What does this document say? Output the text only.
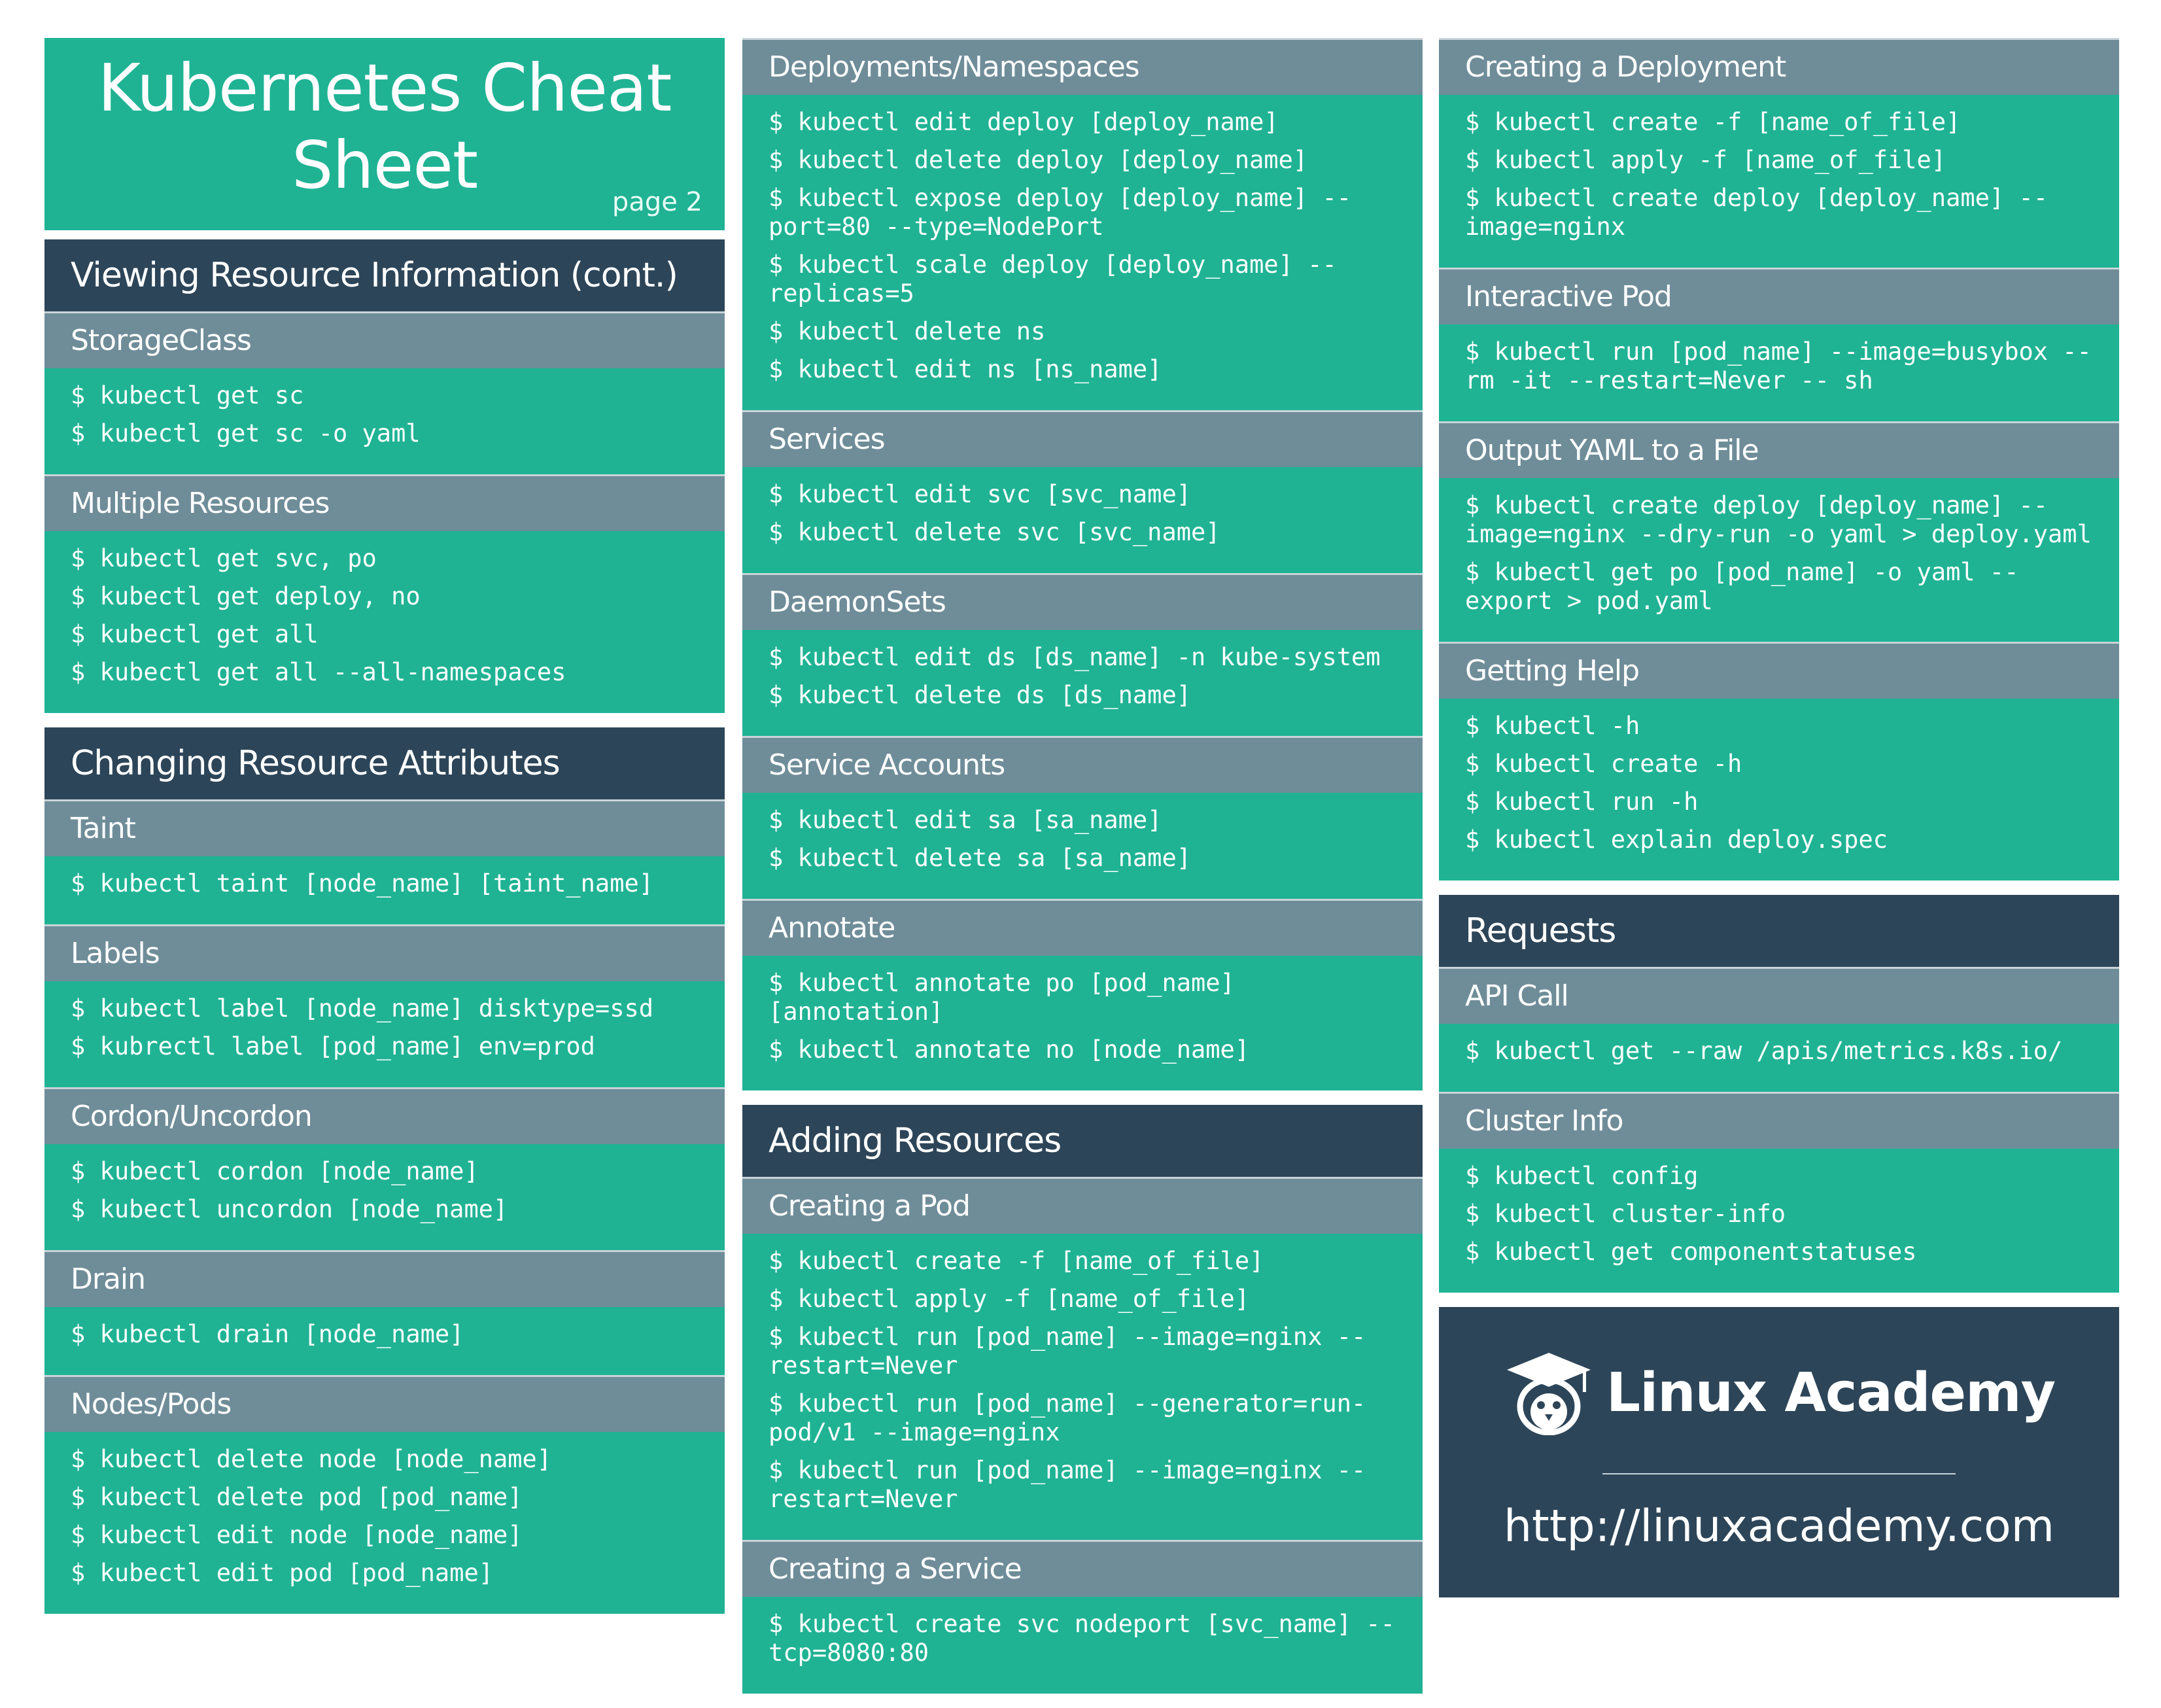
Kubernetes Cheat
Sheet	page 2
Viewing Resource Information (cont.)
StorageClass
$ kubectl get sc
$ kubectl get sc -o yaml
Multiple Resources
$ kubectl get svc, po
$ kubectl get deploy, no
$ kubectl get all
$ kubectl get all --all-namespaces
Changing Resource Attributes
Taint
$ kubectl taint [node_name] [taint_name]
Labels
$ kubectl label [node_name] disktype=ssd
$ kubrectl label [pod_name] env=prod
Cordon/Uncordon
$ kubectl cordon [node_name]
$ kubectl uncordon [node_name]
Drain
$ kubectl drain [node_name]
Nodes/Pods
$ kubectl delete node [node_name]
$ kubectl delete pod [pod_name]
$ kubectl edit node [node_name]
$ kubectl edit pod [pod_name]
Deployments/Namespaces
$ kubectl edit deploy [deploy_name]
$ kubectl delete deploy [deploy_name]
$ kubectl expose deploy [deploy_name] --port=80 --type=NodePort
$ kubectl scale deploy [deploy_name] --replicas=5
$ kubectl delete ns
$ kubectl edit ns [ns_name]
Services
$ kubectl edit svc [svc_name]
$ kubectl delete svc [svc_name]
DaemonSets
$ kubectl edit ds [ds_name] -n kube-system
$ kubectl delete ds [ds_name]
Service Accounts
$ kubectl edit sa [sa_name]
$ kubectl delete sa [sa_name]
Annotate
$ kubectl annotate po [pod_name] [annotation]
$ kubectl annotate no [node_name]
Adding Resources
Creating a Pod
$ kubectl create -f [name_of_file]
$ kubectl apply -f [name_of_file]
$ kubectl run [pod_name] --image=nginx --restart=Never
$ kubectl run [pod_name] --generator=run-pod/v1 --image=nginx
$ kubectl run [pod_name] --image=nginx --restart=Never
Creating a Service
$ kubectl create svc nodeport [svc_name] --tcp=8080:80
Creating a Deployment
$ kubectl create -f [name_of_file]
$ kubectl apply -f [name_of_file]
$ kubectl create deploy [deploy_name] --image=nginx
Interactive Pod
$ kubectl run [pod_name] --image=busybox --rm -it --restart=Never -- sh
Output YAML to a File
$ kubectl create deploy [deploy_name] --image=nginx --dry-run -o yaml > deploy.yaml
$ kubectl get po [pod_name] -o yaml --export > pod.yaml
Getting Help
$ kubectl -h
$ kubectl create -h
$ kubectl run -h
$ kubectl explain deploy.spec
Requests
API Call
$ kubectl get --raw /apis/metrics.k8s.io/
Cluster Info
$ kubectl config
$ kubectl cluster-info
$ kubectl get componentstatuses
Linux Academy
http://linuxacademy.com
